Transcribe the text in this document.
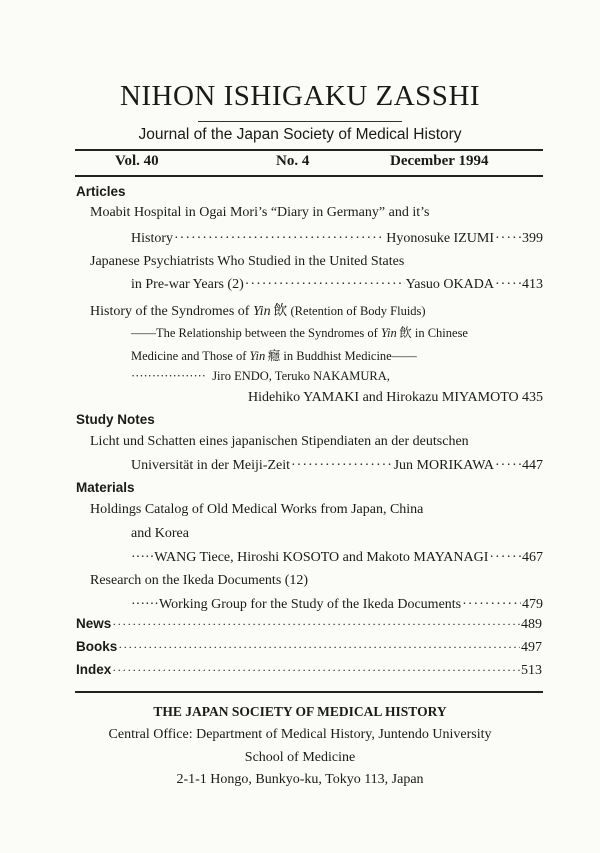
NIHON ISHIGAKU ZASSHI
Journal of the Japan Society of Medical History
Vol. 40	No. 4	December 1994
Articles
Moabit Hospital in Ogai Mori’s “Diary in Germany” and it’s
History ·····	Hyonosuke IZUMI ····· 399
Japanese Psychiatrists Who Studied in the United States
in Pre-war Years (2) ·····	Yasuo OKADA ····· 413
History of the Syndromes of Yin  飲 (Retention of Body Fluids)
——The Relationship between the Syndromes of Yin  飲 in Chinese
Medicine and Those of Yin  癮 in Buddhist Medicine——
·················· Jiro ENDO, Teruko NAKAMURA,
Hidehiko YAMAKI and Hirokazu MIYAMOTO ····· 435
Study Notes
Licht und Schatten eines japanischen Stipendiaten an der deutschen
Universität in der Meiji-Zeit ·····	Jun MORIKAWA ····· 447
Materials
Holdings Catalog of Old Medical Works from Japan, China
and Korea
·····WANG Tiece, Hiroshi KOSOTO and Makoto MAYANAGI ····· 467
Research on the Ikeda Documents (12)
······Working Group for the Study of the Ikeda Documents ·····	479
News ·····	489
Books ·····	497
Index ·····	513
THE JAPAN SOCIETY OF MEDICAL HISTORY
Central Office: Department of Medical History, Juntendo University
School of Medicine
2-1-1 Hongo, Bunkyo-ku, Tokyo 113, Japan
